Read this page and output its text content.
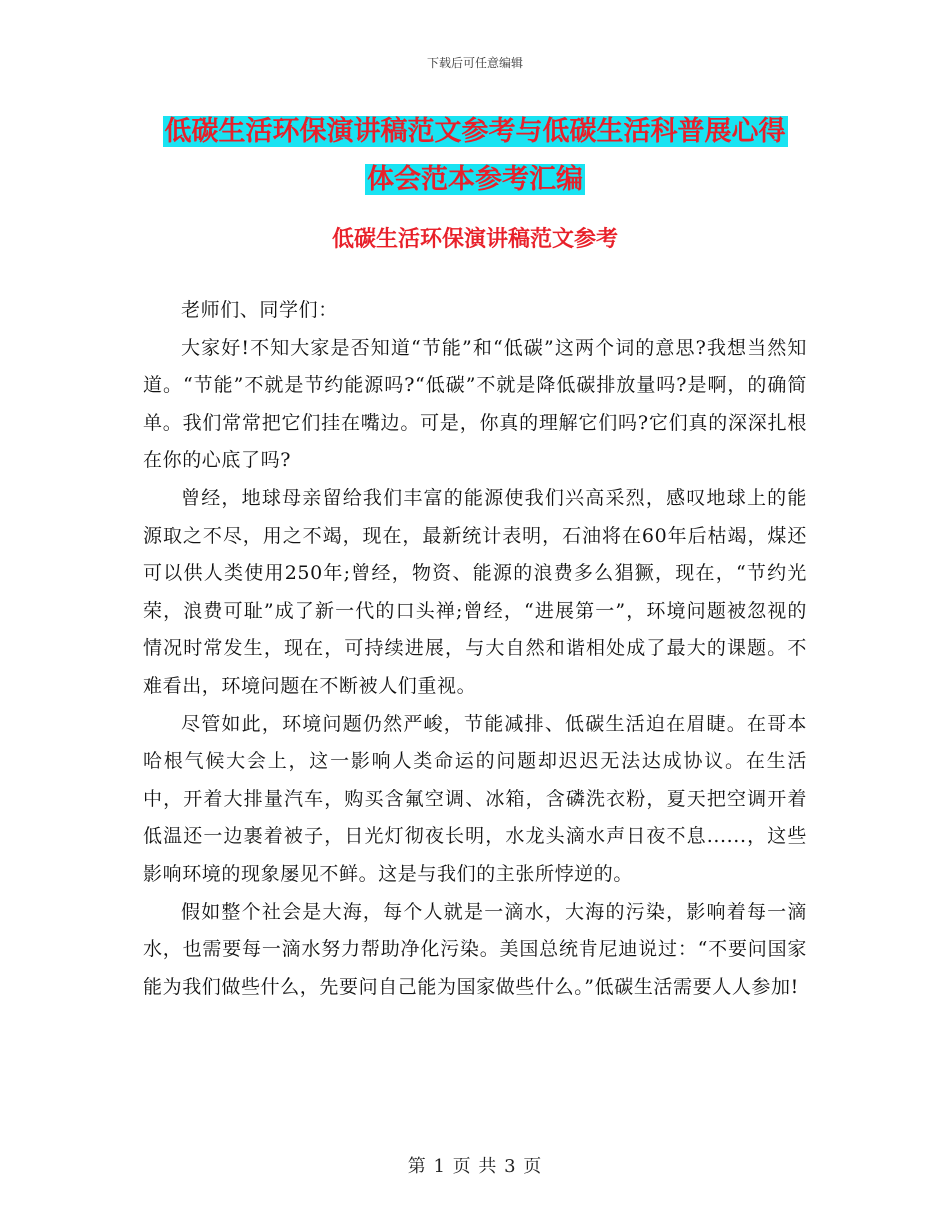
下载后可任意编辑
低碳生活环保演讲稿范文参考与低碳生活科普展心得
体会范本参考汇编
低碳生活环保演讲稿范文参考

老师们、同学们：

大家好!不知大家是否知道“节能”和“低碳”这两个词的意思?我想当然知道。“节能”不就是节约能源吗?“低碳”不就是降低碳排放量吗?是啊，的确简单。我们常常把它们挂在嘴边。可是，你真的理解它们吗?它们真的深深扎根在你的心底了吗?

曾经，地球母亲留给我们丰富的能源使我们兴高采烈，感叹地球上的能源取之不尽，用之不竭，现在，最新统计表明，石油将在60年后枯竭，煤还可以供人类使用250年;曾经，物资、能源的浪费多么猖獗，现在，“节约光荣，浪费可耻”成了新一代的口头禅;曾经，“进展第一”，环境问题被忽视的情况时常发生，现在，可持续进展，与大自然和谐相处成了最大的课题。不难看出，环境问题在不断被人们重视。

尽管如此，环境问题仍然严峻，节能减排、低碳生活迫在眉睫。在哥本哈根气候大会上，这一影响人类命运的问题却迟迟无法达成协议。在生活中，开着大排量汽车，购买含氟空调、冰箱，含磷洗衣粉，夏天把空调开着低温还一边裹着被子，日光灯彻夜长明，水龙头滴水声日夜不息......，这些影响环境的现象屡见不鲜。这是与我们的主张所悖逆的。

假如整个社会是大海，每个人就是一滴水，大海的污染，影响着每一滴水，也需要每一滴水努力帮助净化污染。美国总统肯尼迪说过：“不要问国家能为我们做些什么，先要问自己能为国家做些什么。”低碳生活需要人人参加!

第 1 页 共 3 页
